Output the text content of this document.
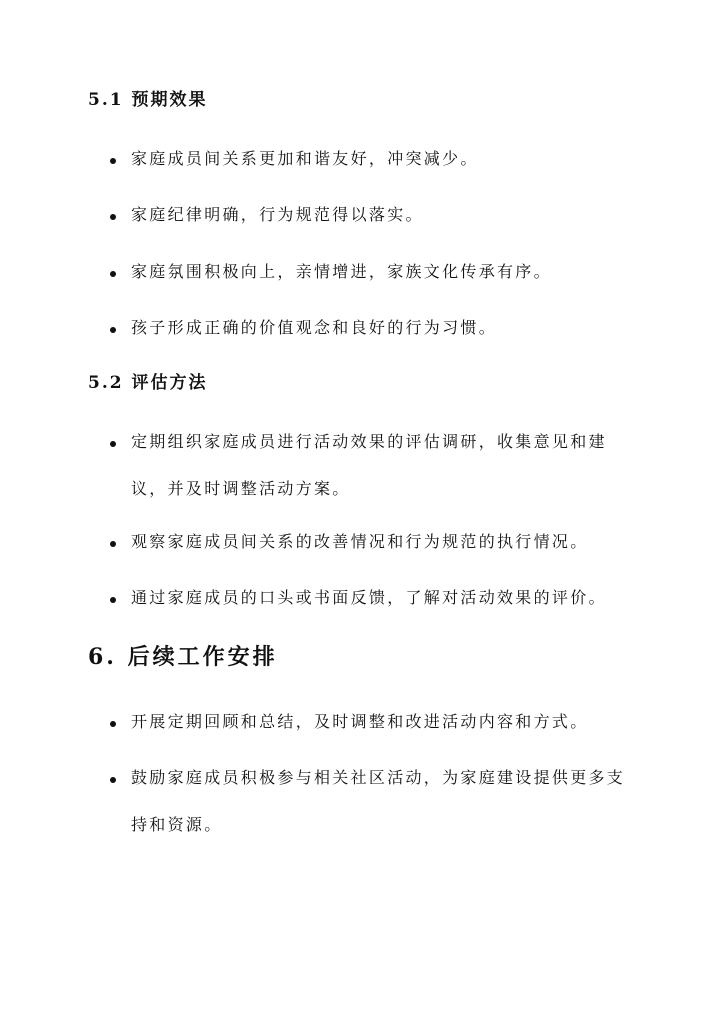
5.1 预期效果
家庭成员间关系更加和谐友好，冲突减少。
家庭纪律明确，行为规范得以落实。
家庭氛围积极向上，亲情增进，家族文化传承有序。
孩子形成正确的价值观念和良好的行为习惯。
5.2 评估方法
定期组织家庭成员进行活动效果的评估调研，收集意见和建议，并及时调整活动方案。
观察家庭成员间关系的改善情况和行为规范的执行情况。
通过家庭成员的口头或书面反馈，了解对活动效果的评价。
6. 后续工作安排
开展定期回顾和总结，及时调整和改进活动内容和方式。
鼓励家庭成员积极参与相关社区活动，为家庭建设提供更多支持和资源。
